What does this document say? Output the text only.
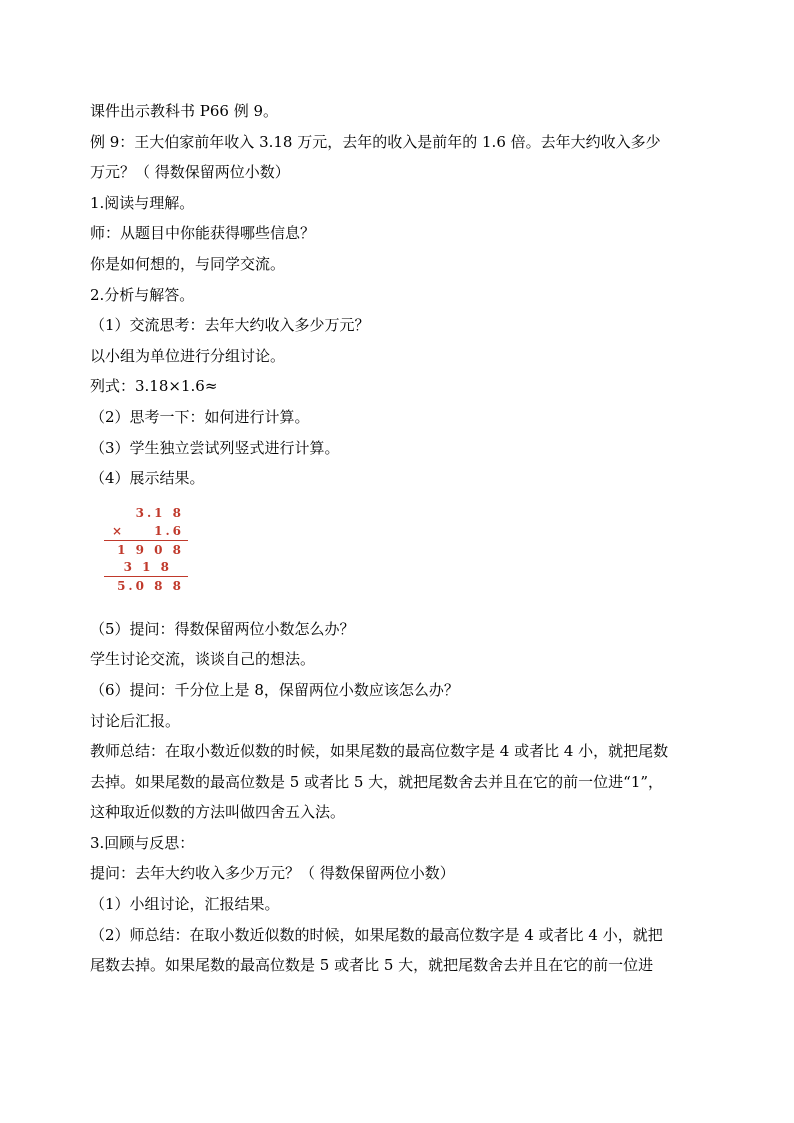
课件出示教科书 P66 例 9。
例 9：王大伯家前年收入 3.18 万元，去年的收入是前年的 1.6 倍。去年大约收入多少
万元？（ 得数保留两位小数）
1.阅读与理解。
师：从题目中你能获得哪些信息？
你是如何想的，与同学交流。
2.分析与解答。
（1）交流思考：去年大约收入多少万元？
以小组为单位进行分组讨论。
列式：3.18×1.6≈
（2）思考一下：如何进行计算。
（3）学生独立尝试列竖式进行计算。
（4）展示结果。
3.1 8
×	1.6
1 9 0 8
3 1 8
5.0 8 8
（5）提问：得数保留两位小数怎么办？
学生讨论交流，谈谈自己的想法。
（6）提问：千分位上是 8，保留两位小数应该怎么办？
讨论后汇报。
教师总结：在取小数近似数的时候，如果尾数的最高位数字是 4 或者比 4 小，就把尾数
去掉。如果尾数的最高位数是 5 或者比 5 大，就把尾数舍去并且在它的前一位进“1”，
这种取近似数的方法叫做四舍五入法。
3.回顾与反思：
提问：去年大约收入多少万元？（ 得数保留两位小数）
（1）小组讨论，汇报结果。
（2）师总结：在取小数近似数的时候，如果尾数的最高位数字是 4 或者比 4 小，就把
尾数去掉。如果尾数的最高位数是 5 或者比 5 大，就把尾数舍去并且在它的前一位进
